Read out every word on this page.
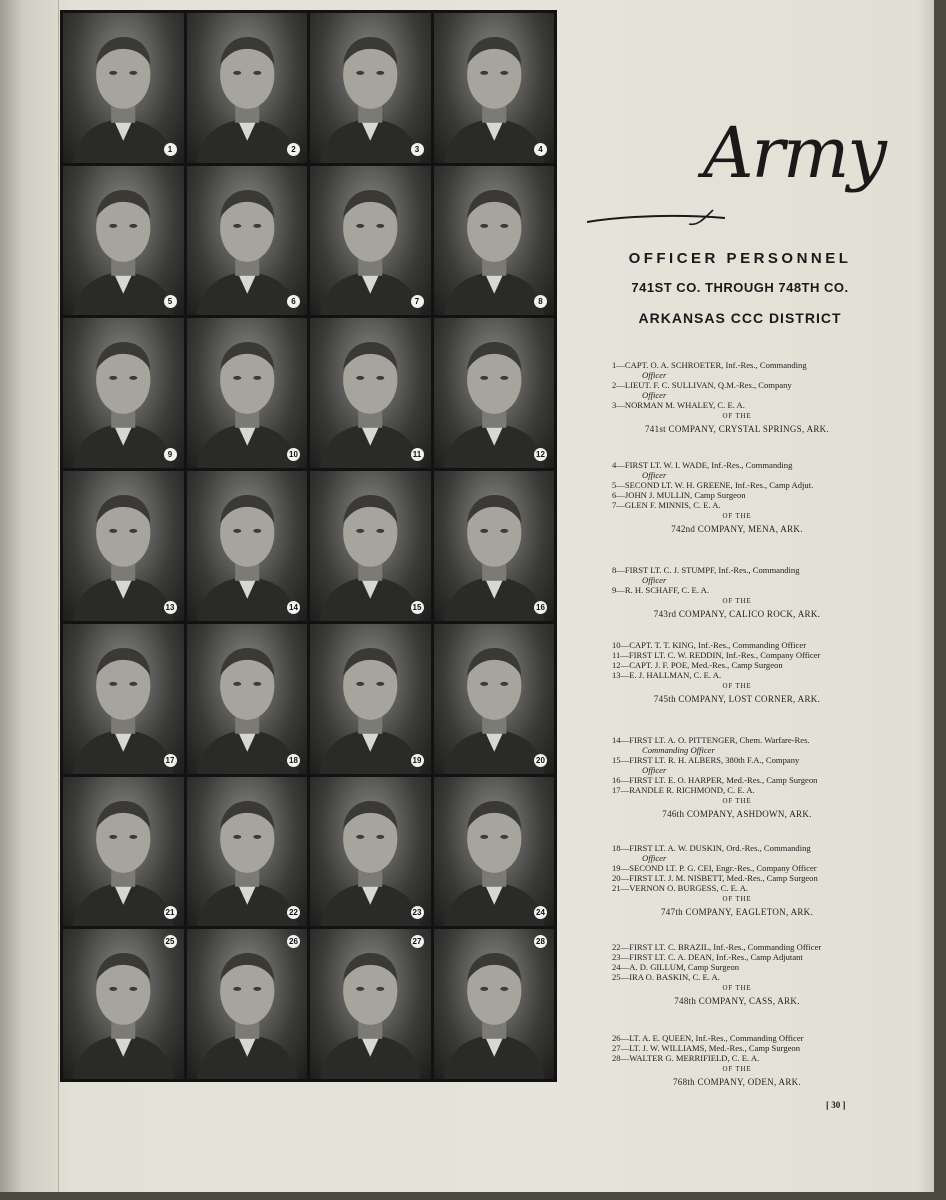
1	2	3	4
5	6	7	8
9	10	11	12
13	14	15	16
17	18	19	20
21	22	23	24
25	26	27	28
Army
OFFICER PERSONNEL
741ST CO. THROUGH 748TH CO.
ARKANSAS CCC DISTRICT
1—CAPT. O. A. SCHROETER, Inf.-Res., Commanding
Officer
2—LIEUT. F. C. SULLIVAN, Q.M.-Res., Company
Officer
3—NORMAN M. WHALEY, C. E. A.
OF THE
741st COMPANY, CRYSTAL SPRINGS, ARK.
4—FIRST LT. W. I. WADE, Inf.-Res., Commanding
Officer
5—SECOND LT. W. H. GREENE, Inf.-Res., Camp Adjut.
6—JOHN J. MULLIN, Camp Surgeon
7—GLEN F. MINNIS, C. E. A.
OF THE
742nd COMPANY, MENA, ARK.
8—FIRST LT. C. J. STUMPF, Inf.-Res., Commanding
Officer
9—R. H. SCHAFF, C. E. A.
OF THE
743rd COMPANY, CALICO ROCK, ARK.
10—CAPT. T. T. KING, Inf.-Res., Commanding Officer
11—FIRST LT. C. W. REDDIN, Inf.-Res., Company Officer
12—CAPT. J. F. POE, Med.-Res., Camp Surgeon
13—E. J. HALLMAN, C. E. A.
OF THE
745th COMPANY, LOST CORNER, ARK.
14—FIRST LT. A. O. PITTENGER, Chem. Warfare-Res.
Commanding Officer
15—FIRST LT. R. H. ALBERS, 380th F.A., Company
Officer
16—FIRST LT. E. O. HARPER, Med.-Res., Camp Surgeon
17—RANDLE R. RICHMOND, C. E. A.
OF THE
746th COMPANY, ASHDOWN, ARK.
18—FIRST LT. A. W. DUSKIN, Ord.-Res., Commanding
Officer
19—SECOND LT. P. G. CEI, Engr.-Res., Company Officer
20—FIRST LT. J. M. NISBETT, Med.-Res., Camp Surgeon
21—VERNON O. BURGESS, C. E. A.
OF THE
747th COMPANY, EAGLETON, ARK.
22—FIRST LT. C. BRAZIL, Inf.-Res., Commanding Officer
23—FIRST LT. C. A. DEAN, Inf.-Res., Camp Adjutant
24—A. D. GILLUM, Camp Surgeon
25—IRA O. BASKIN, C. E. A.
OF THE
748th COMPANY, CASS, ARK.
26—LT. A. E. QUEEN, Inf.-Res., Commanding Officer
27—LT. J. W. WILLIAMS, Med.-Res., Camp Surgeon
28—WALTER G. MERRIFIELD, C. E. A.
OF THE
768th COMPANY, ODEN, ARK.
[ 30 ]
